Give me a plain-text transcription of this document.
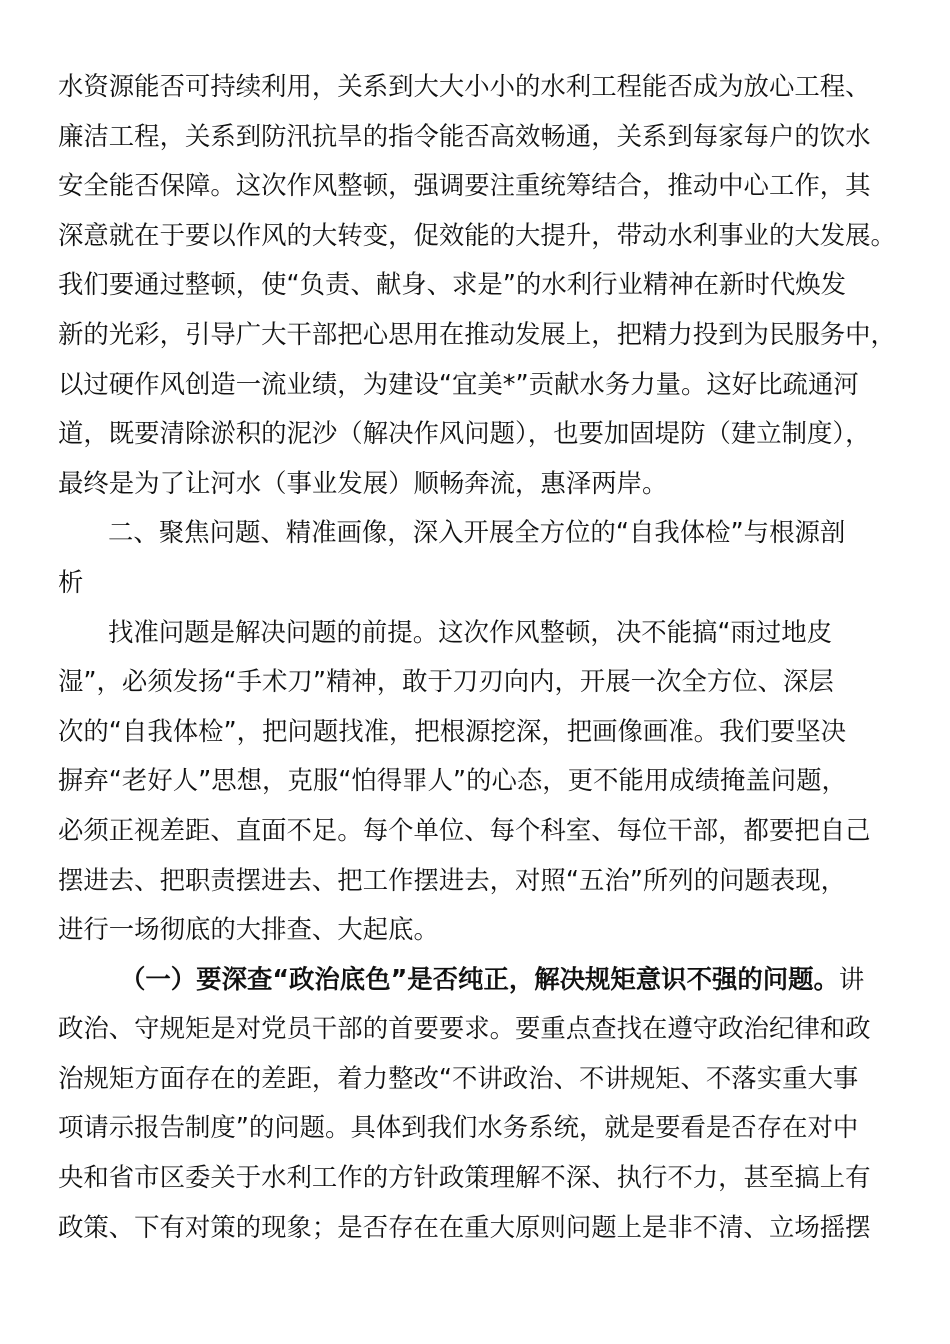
水资源能否可持续利用，关系到大大小小的水利工程能否成为放心工程、
廉洁工程，关系到防汛抗旱的指令能否高效畅通，关系到每家每户的饮水
安全能否保障。这次作风整顿，强调要注重统筹结合，推动中心工作，其
深意就在于要以作风的大转变，促效能的大提升，带动水利事业的大发展。
我们要通过整顿，使“负责、献身、求是”的水利行业精神在新时代焕发
新的光彩，引导广大干部把心思用在推动发展上，把精力投到为民服务中，
以过硬作风创造一流业绩，为建设“宜美*”贡献水务力量。这好比疏通河
道，既要清除淤积的泥沙（解决作风问题），也要加固堤防（建立制度），
最终是为了让河水（事业发展）顺畅奔流，惠泽两岸。
二、聚焦问题、精准画像，深入开展全方位的“自我体检”与根源剖
析
找准问题是解决问题的前提。这次作风整顿，决不能搞“雨过地皮
湿”，必须发扬“手术刀”精神，敢于刀刃向内，开展一次全方位、深层
次的“自我体检”，把问题找准，把根源挖深，把画像画准。我们要坚决
摒弃“老好人”思想，克服“怕得罪人”的心态，更不能用成绩掩盖问题，
必须正视差距、直面不足。每个单位、每个科室、每位干部，都要把自己
摆进去、把职责摆进去、把工作摆进去，对照“五治”所列的问题表现，
进行一场彻底的大排查、大起底。
（一）要深查“政治底色”是否纯正，解决规矩意识不强的问题。讲
政治、守规矩是对党员干部的首要要求。要重点查找在遵守政治纪律和政
治规矩方面存在的差距，着力整改“不讲政治、不讲规矩、不落实重大事
项请示报告制度”的问题。具体到我们水务系统，就是要看是否存在对中
央和省市区委关于水利工作的方针政策理解不深、执行不力，甚至搞上有
政策、下有对策的现象；是否存在在重大原则问题上是非不清、立场摇摆
